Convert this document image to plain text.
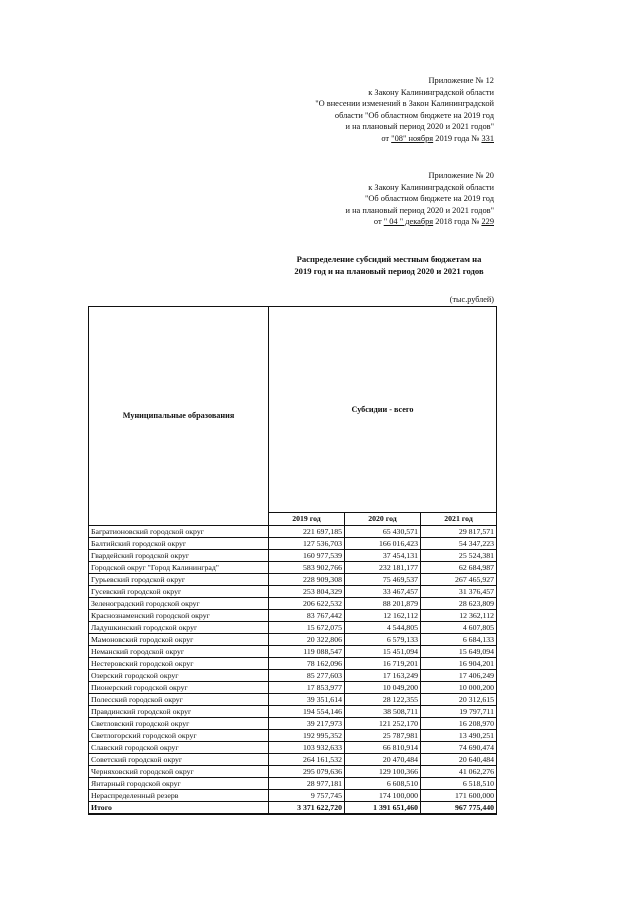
Приложение № 12
к Закону Калининградской области
"О внесении изменений в Закон Калининградской
области "Об областном бюджете на 2019 год
и на плановый период 2020 и 2021 годов"
от "08" ноября 2019 года № 331
Приложение № 20
к Закону Калининградской области
"Об областном бюджете на 2019 год
и на плановый период 2020 и 2021 годов"
от " 04 " декабря 2018 года № 229
Распределение субсидий местным бюджетам на
2019 год и на плановый период 2020 и 2021 годов
(тыс.рублей)
Муниципальные образования	Субсидии - всего		
	2019 год	2020 год	2021 год
Багратионовский городской округ	221 697,185	65 430,571	29 817,571
Балтийский городской округ	127 536,703	166 016,423	54 347,223
Гвардейский городской округ	160 977,539	37 454,131	25 524,381
Городской округ "Город Калининград"	583 902,766	232 181,177	62 684,987
Гурьевский городской округ	228 909,308	75 469,537	267 465,927
Гусевский городской округ	253 804,329	33 467,457	31 376,457
Зеленоградский городской округ	206 622,532	88 201,879	28 623,809
Краснознаменский городской округ	83 767,442	12 162,112	12 362,112
Ладушкинский городской округ	15 672,075	4 544,805	4 607,805
Мамоновский городской округ	20 322,806	6 579,133	6 684,133
Неманский городской округ	119 088,547	15 451,094	15 649,094
Нестеровский городской округ	78 162,096	16 719,201	16 904,201
Озерский городской округ	85 277,603	17 163,249	17 406,249
Пионерский городской округ	17 853,977	10 049,200	10 000,200
Полесский городской округ	39 351,614	28 122,355	20 312,615
Правдинский городской округ	194 554,146	38 508,711	19 797,711
Светловский городской округ	39 217,973	121 252,170	16 208,970
Светлогорский городской округ	192 995,352	25 787,981	13 490,251
Славский городской округ	103 932,633	66 810,914	74 690,474
Советский городской округ	264 161,532	20 470,484	20 640,484
Черняховский городской округ	295 079,636	129 100,366	41 062,276
Янтарный городской округ	28 977,181	6 608,510	6 518,510
Нераспределенный резерв	9 757,745	174 100,000	171 600,000
Итого	3 371 622,720	1 391 651,460	967 775,440
